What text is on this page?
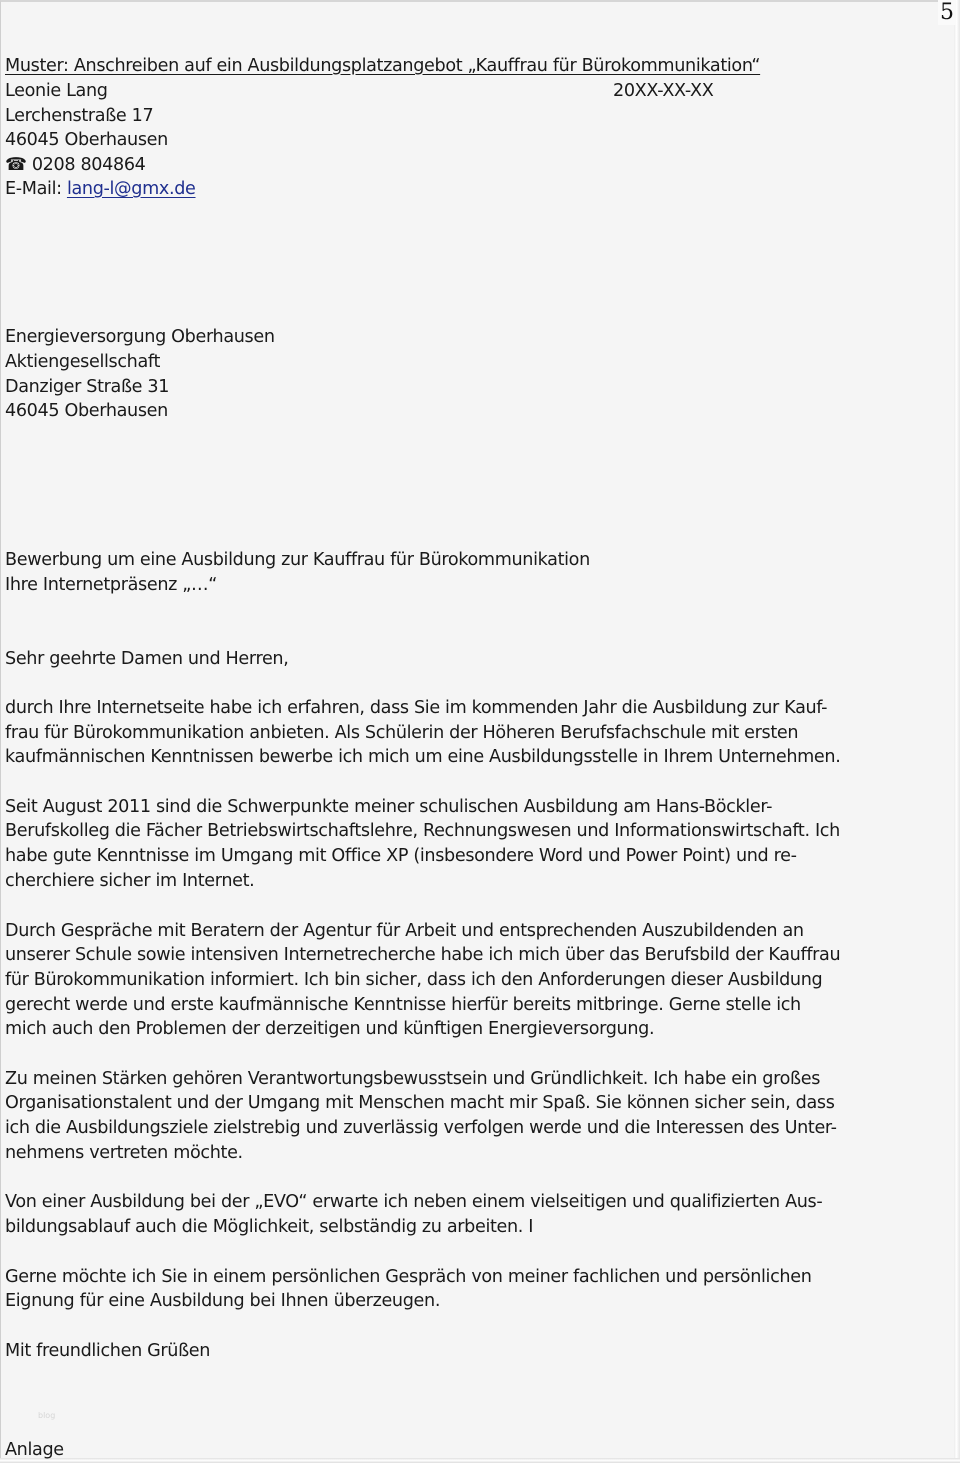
5
Muster: Anschreiben auf ein Ausbildungsplatzangebot „Kauffrau für Bürokommunikation“
Leonie Lang	20XX-XX-XX
Lerchenstraße 17
46045 Oberhausen
☎ 0208 804864
E-Mail: lang-l@gmx.de
Energieversorgung Oberhausen
Aktiengesellschaft
Danziger Straße 31
46045 Oberhausen
Bewerbung um eine Ausbildung zur Kauffrau für Bürokommunikation
Ihre Internetpräsenz „…“
Sehr geehrte Damen und Herren,
durch Ihre Internetseite habe ich erfahren, dass Sie im kommenden Jahr die Ausbildung zur Kauf-
frau für Bürokommunikation anbieten. Als Schülerin der Höheren Berufsfachschule mit ersten
kaufmännischen Kenntnissen bewerbe ich mich um eine Ausbildungsstelle in Ihrem Unternehmen.
Seit August 2011 sind die Schwerpunkte meiner schulischen Ausbildung am Hans-Böckler-
Berufskolleg die Fächer Betriebswirtschaftslehre, Rechnungswesen und Informationswirtschaft. Ich
habe gute Kenntnisse im Umgang mit Office XP (insbesondere Word und Power Point) und re-
cherchiere sicher im Internet.
Durch Gespräche mit Beratern der Agentur für Arbeit und entsprechenden Auszubildenden an
unserer Schule sowie intensiven Internetrecherche habe ich mich über das Berufsbild der Kauffrau
für Bürokommunikation informiert. Ich bin sicher, dass ich den Anforderungen dieser Ausbildung
gerecht werde und erste kaufmännische Kenntnisse hierfür bereits mitbringe. Gerne stelle ich
mich auch den Problemen der derzeitigen und künftigen Energieversorgung.
Zu meinen Stärken gehören Verantwortungsbewusstsein und Gründlichkeit. Ich habe ein großes
Organisationstalent und der Umgang mit Menschen macht mir Spaß. Sie können sicher sein, dass
ich die Ausbildungsziele zielstrebig und zuverlässig verfolgen werde und die Interessen des Unter-
nehmens vertreten möchte.
Von einer Ausbildung bei der „EVO“ erwarte ich neben einem vielseitigen und qualifizierten Aus-
bildungsablauf auch die Möglichkeit, selbständig zu arbeiten. I
Gerne möchte ich Sie in einem persönlichen Gespräch von meiner fachlichen und persönlichen
Eignung für eine Ausbildung bei Ihnen überzeugen.
Mit freundlichen Grüßen
blog
Anlage
